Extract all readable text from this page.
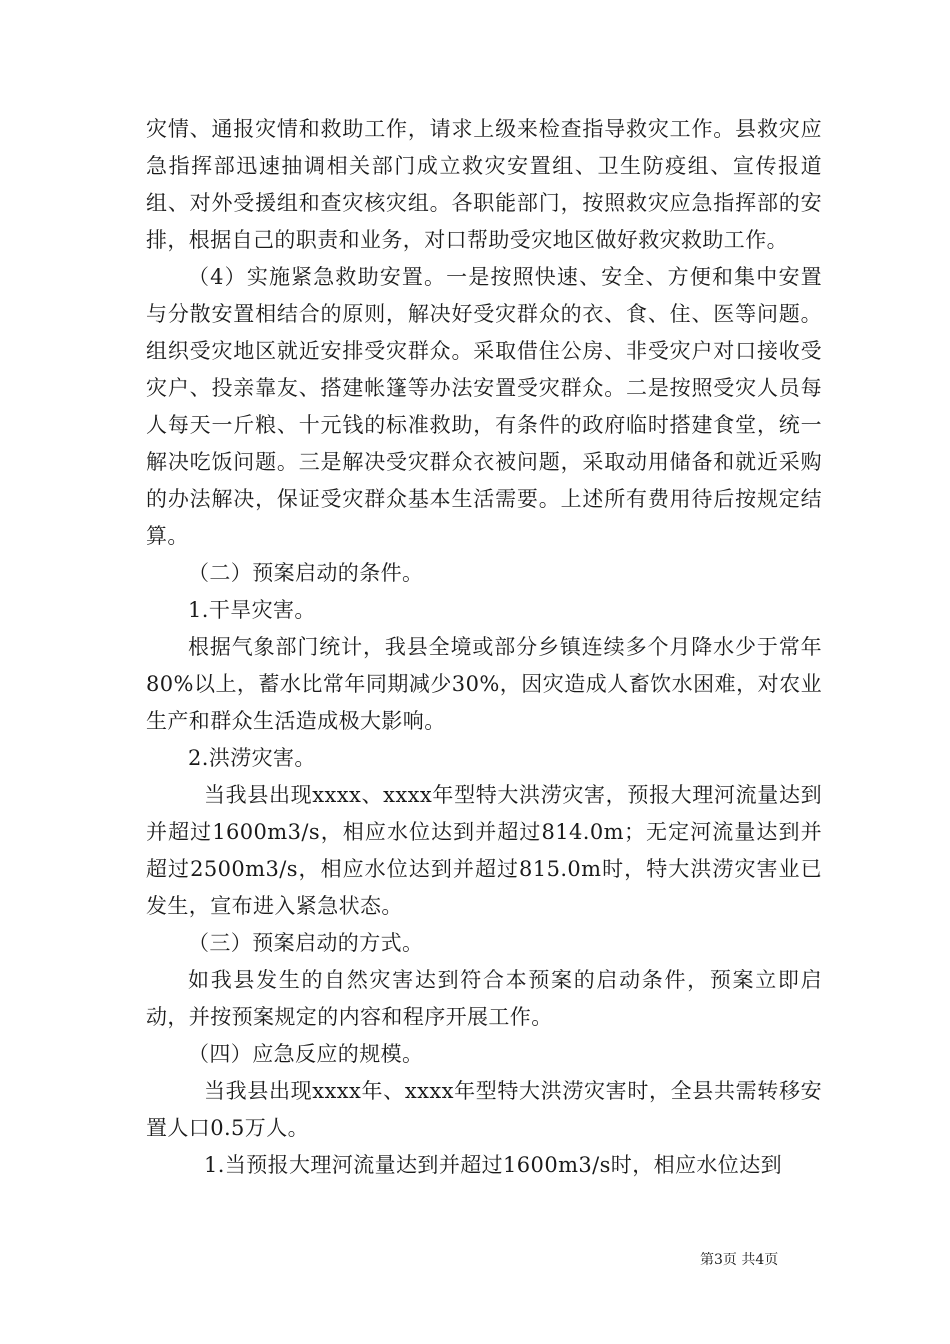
灾情、通报灾情和救助工作，请求上级来检查指导救灾工作。县救灾应急指挥部迅速抽调相关部门成立救灾安置组、卫生防疫组、宣传报道组、对外受援组和查灾核灾组。各职能部门，按照救灾应急指挥部的安排，根据自己的职责和业务，对口帮助受灾地区做好救灾救助工作。

（4）实施紧急救助安置。一是按照快速、安全、方便和集中安置与分散安置相结合的原则，解决好受灾群众的衣、食、住、医等问题。组织受灾地区就近安排受灾群众。采取借住公房、非受灾户对口接收受灾户、投亲靠友、搭建帐篷等办法安置受灾群众。二是按照受灾人员每人每天一斤粮、十元钱的标准救助，有条件的政府临时搭建食堂，统一解决吃饭问题。三是解决受灾群众衣被问题，采取动用储备和就近采购的办法解决，保证受灾群众基本生活需要。上述所有费用待后按规定结算。

（二）预案启动的条件。

1.干旱灾害。

根据气象部门统计，我县全境或部分乡镇连续多个月降水少于常年80%以上，蓄水比常年同期减少30%，因灾造成人畜饮水困难，对农业生产和群众生活造成极大影响。

2.洪涝灾害。

当我县出现xxxx、xxxx年型特大洪涝灾害，预报大理河流量达到并超过1600m3/s，相应水位达到并超过814.0m；无定河流量达到并超过2500m3/s，相应水位达到并超过815.0m时，特大洪涝灾害业已发生，宣布进入紧急状态。

（三）预案启动的方式。

如我县发生的自然灾害达到符合本预案的启动条件，预案立即启动，并按预案规定的内容和程序开展工作。

（四）应急反应的规模。

当我县出现xxxx年、xxxx年型特大洪涝灾害时，全县共需转移安置人口0.5万人。

1.当预报大理河流量达到并超过1600m3/s时，相应水位达到

第3页 共4页
